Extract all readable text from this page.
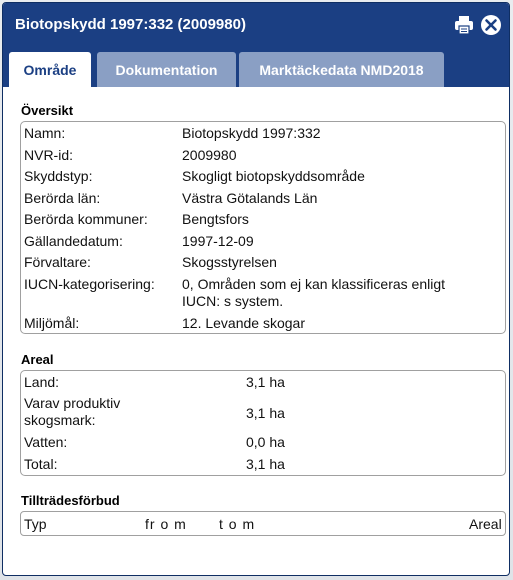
Biotopskydd 1997:332 (2009980)
Område	Dokumentation	Marktäckedata NMD2018
Översikt
Namn:	Biotopskydd 1997:332
NVR-id:	2009980
Skyddstyp:	Skogligt biotopskyddsområde
Berörda län:	Västra Götalands Län
Berörda kommuner: Bengtsfors
Gällandedatum:	1997-12-09
Förvaltare:	Skogsstyrelsen
IUCN-kategorisering: 0, Områden som ej kan klassificeras enligt IUCN: s system.
Miljömål:	12. Levande skogar
Areal
Land:	3,1 ha
Varav produktiv skogsmark:	3,1 ha
Vatten:	0,0 ha
Total:	3,1 ha
Tillträdesförbud
Typ	fr o m t o m	Areal
